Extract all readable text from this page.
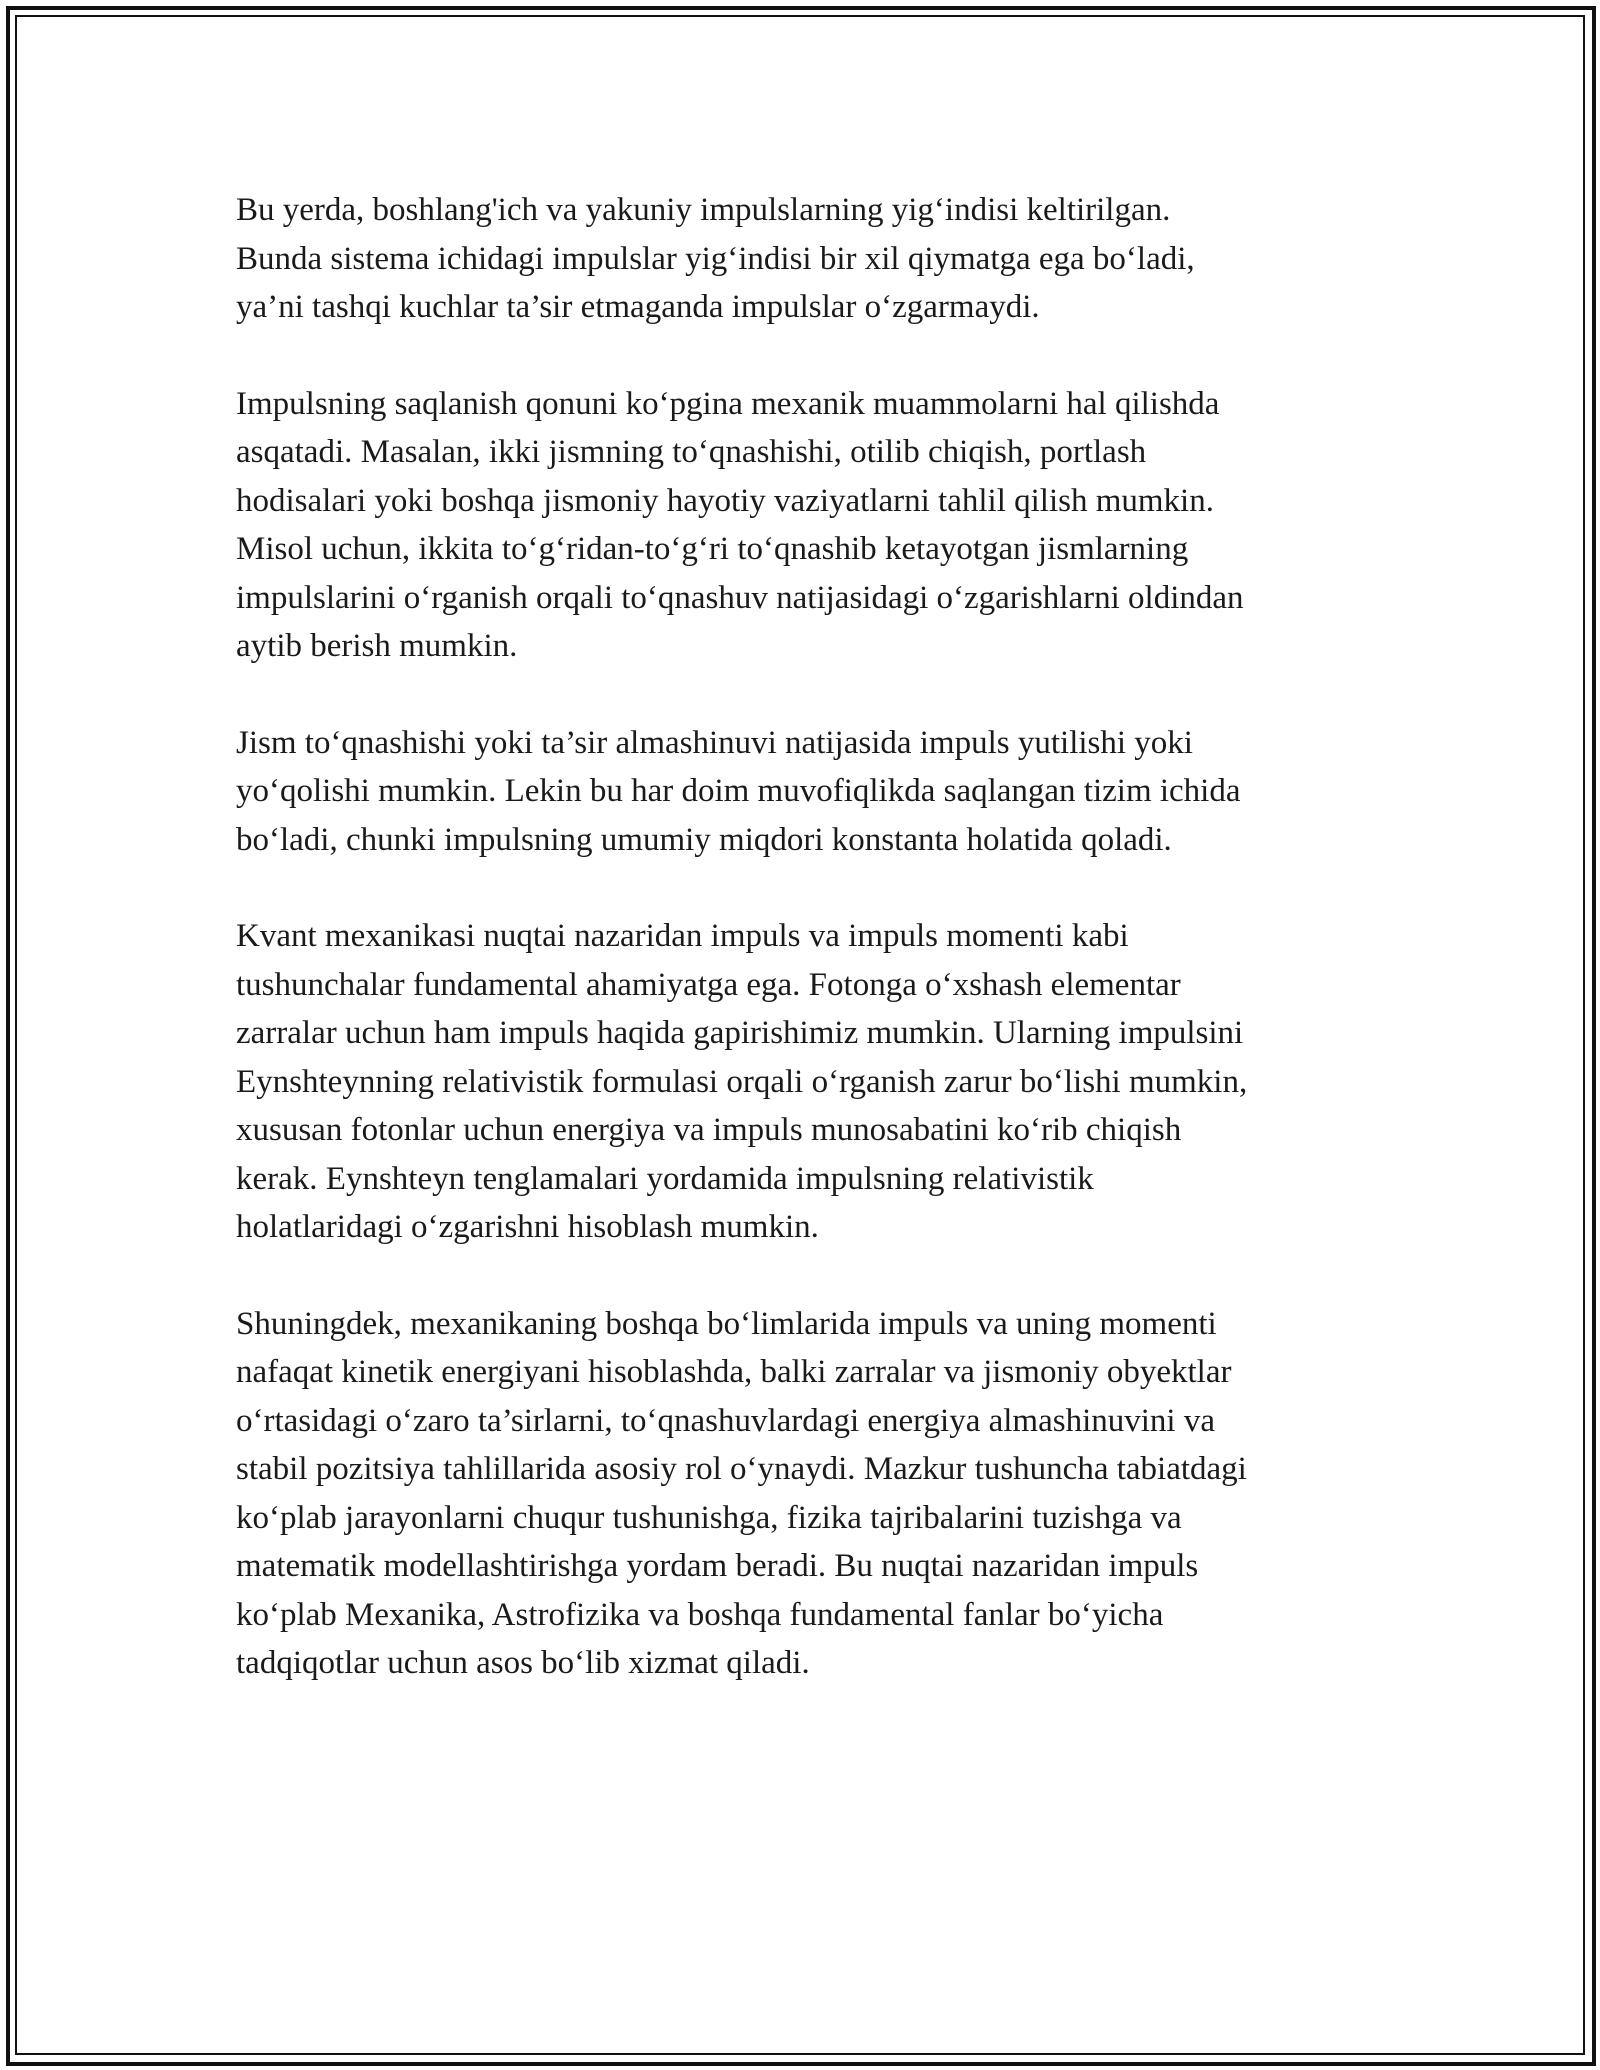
Bu yerda, boshlang'ich va yakuniy impulslarning yig‘indisi keltirilgan.
Bunda sistema ichidagi impulslar yig‘indisi bir xil qiymatga ega bo‘ladi,
ya’ni tashqi kuchlar ta’sir etmaganda impulslar o‘zgarmaydi.
Impulsning saqlanish qonuni ko‘pgina mexanik muammolarni hal qilishda
asqatadi. Masalan, ikki jismning to‘qnashishi, otilib chiqish, portlash
hodisalari yoki boshqa jismoniy hayotiy vaziyatlarni tahlil qilish mumkin.
Misol uchun, ikkita to‘g‘ridan-to‘g‘ri to‘qnashib ketayotgan jismlarning
impulslarini o‘rganish orqali to‘qnashuv natijasidagi o‘zgarishlarni oldindan
aytib berish mumkin.
Jism to‘qnashishi yoki ta’sir almashinuvi natijasida impuls yutilishi yoki
yo‘qolishi mumkin. Lekin bu har doim muvofiqlikda saqlangan tizim ichida
bo‘ladi, chunki impulsning umumiy miqdori konstanta holatida qoladi.
Kvant mexanikasi nuqtai nazaridan impuls va impuls momenti kabi
tushunchalar fundamental ahamiyatga ega. Fotonga o‘xshash elementar
zarralar uchun ham impuls haqida gapirishimiz mumkin. Ularning impulsini
Eynshteynning relativistik formulasi orqali o‘rganish zarur bo‘lishi mumkin,
xususan fotonlar uchun energiya va impuls munosabatini ko‘rib chiqish
kerak. Eynshteyn tenglamalari yordamida impulsning relativistik
holatlaridagi o‘zgarishni hisoblash mumkin.
Shuningdek, mexanikaning boshqa bo‘limlarida impuls va uning momenti
nafaqat kinetik energiyani hisoblashda, balki zarralar va jismoniy obyektlar
o‘rtasidagi o‘zaro ta’sirlarni, to‘qnashuvlardagi energiya almashinuvini va
stabil pozitsiya tahlillarida asosiy rol o‘ynaydi. Mazkur tushuncha tabiatdagi
ko‘plab jarayonlarni chuqur tushunishga, fizika tajribalarini tuzishga va
matematik modellashtirishga yordam beradi. Bu nuqtai nazaridan impuls
ko‘plab Mexanika, Astrofizika va boshqa fundamental fanlar bo‘yicha
tadqiqotlar uchun asos bo‘lib xizmat qiladi.
